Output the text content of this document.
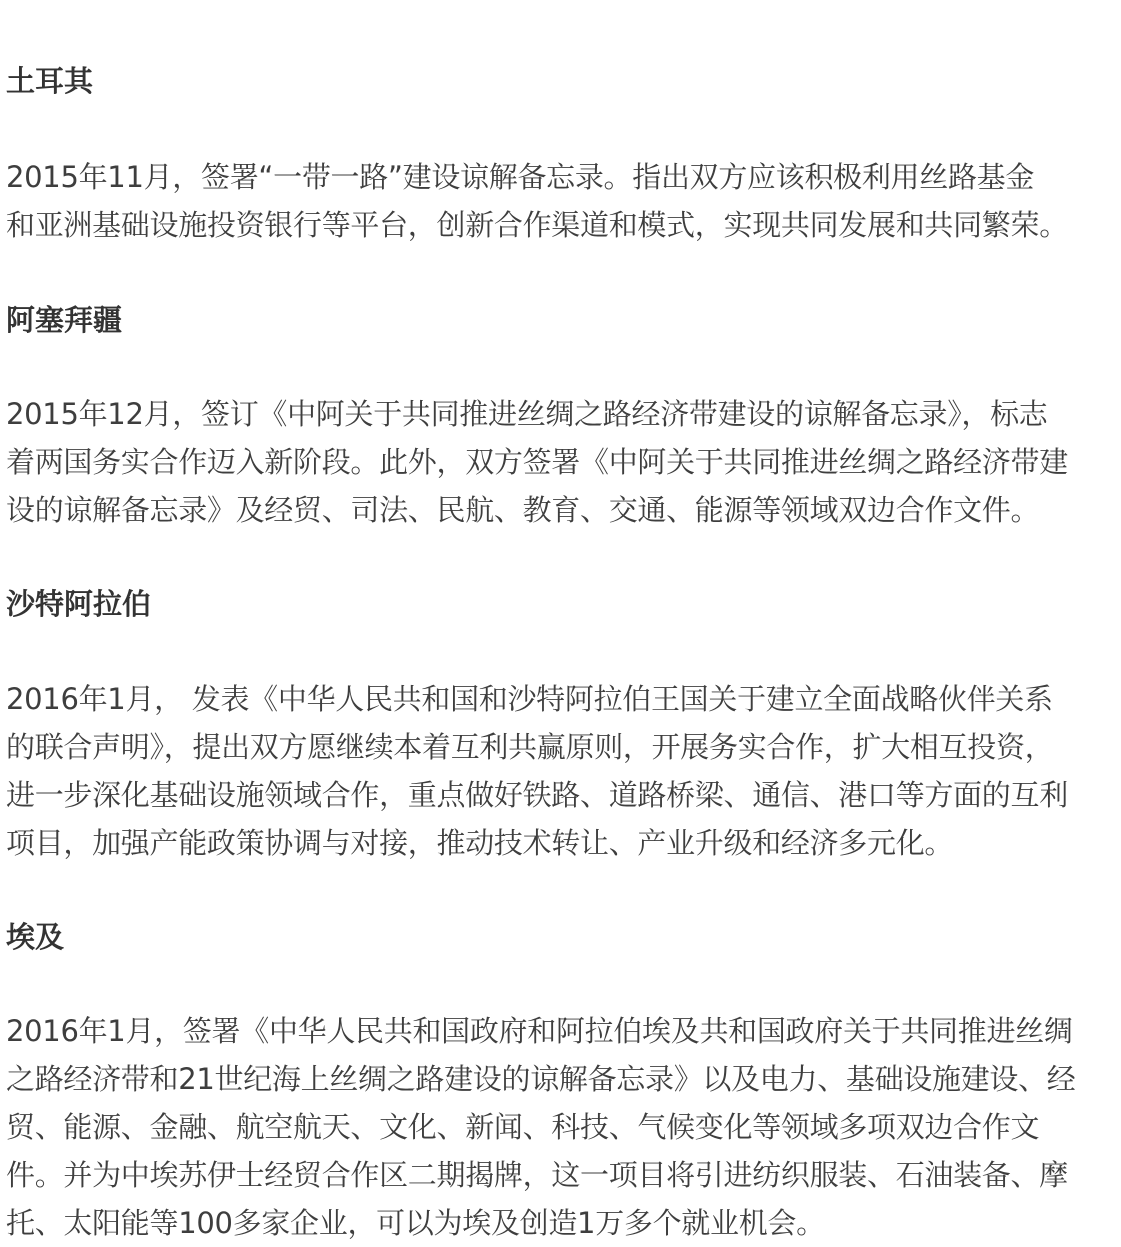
土耳其

2015年11月，签署“一带一路”建设谅解备忘录。指出双方应该积极利用丝路基金
和亚洲基础设施投资银行等平台，创新合作渠道和模式，实现共同发展和共同繁荣。

阿塞拜疆

2015年12月，签订《中阿关于共同推进丝绸之路经济带建设的谅解备忘录》，标志
着两国务实合作迈入新阶段。此外，双方签署《中阿关于共同推进丝绸之路经济带建
设的谅解备忘录》及经贸、司法、民航、教育、交通、能源等领域双边合作文件。

沙特阿拉伯

2016年1月， 发表《中华人民共和国和沙特阿拉伯王国关于建立全面战略伙伴关系
的联合声明》，提出双方愿继续本着互利共赢原则，开展务实合作，扩大相互投资，
进一步深化基础设施领域合作，重点做好铁路、道路桥梁、通信、港口等方面的互利
项目，加强产能政策协调与对接，推动技术转让、产业升级和经济多元化。

埃及

2016年1月，签署《中华人民共和国政府和阿拉伯埃及共和国政府关于共同推进丝绸
之路经济带和21世纪海上丝绸之路建设的谅解备忘录》以及电力、基础设施建设、经
贸、能源、金融、航空航天、文化、新闻、科技、气候变化等领域多项双边合作文
件。并为中埃苏伊士经贸合作区二期揭牌，这一项目将引进纺织服装、石油装备、摩
托、太阳能等100多家企业，可以为埃及创造1万多个就业机会。
